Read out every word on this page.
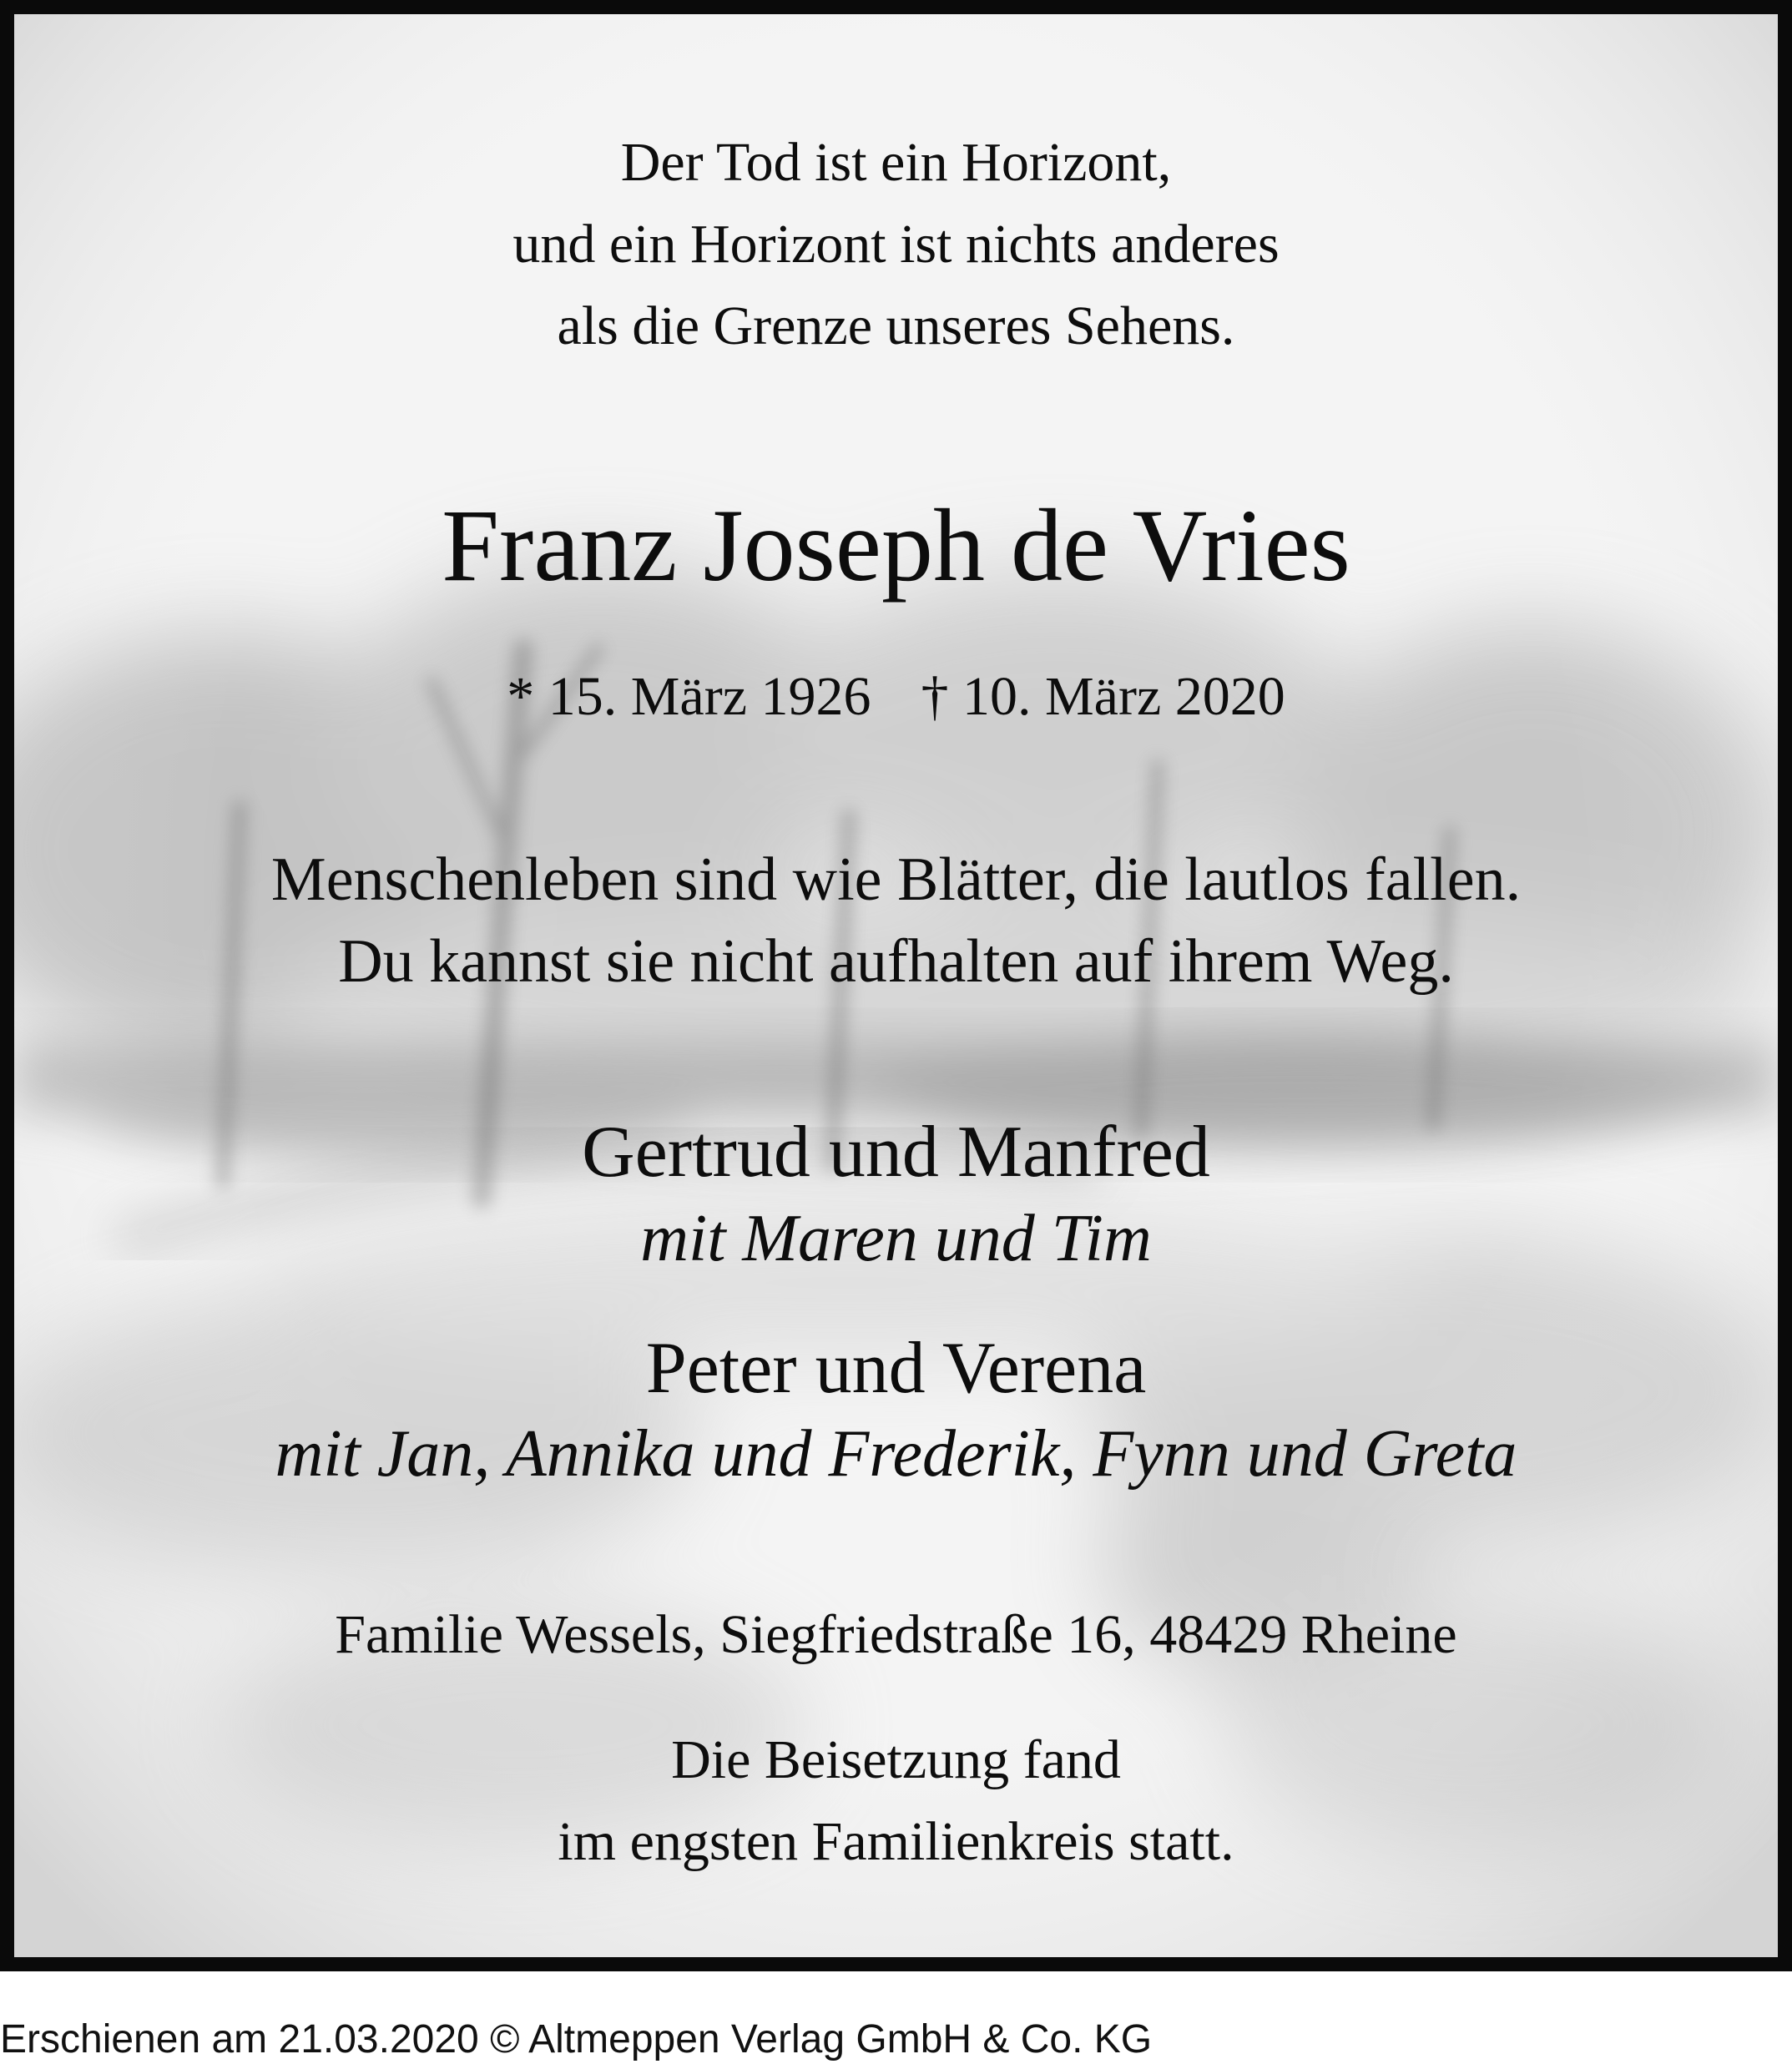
Der Tod ist ein Horizont,
und ein Horizont ist nichts anderes
als die Grenze unseres Sehens.
Franz Joseph de Vries
* 15. März 1926 † 10. März 2020
Menschenleben sind wie Blätter, die lautlos fallen.
Du kannst sie nicht aufhalten auf ihrem Weg.
Gertrud und Manfred
mit Maren und Tim
Peter und Verena
mit Jan, Annika und Frederik, Fynn und Greta
Familie Wessels, Siegfriedstraße 16, 48429 Rheine
Die Beisetzung fand
im engsten Familienkreis statt.
Erschienen am 21.03.2020 © Altmeppen Verlag GmbH & Co. KG
